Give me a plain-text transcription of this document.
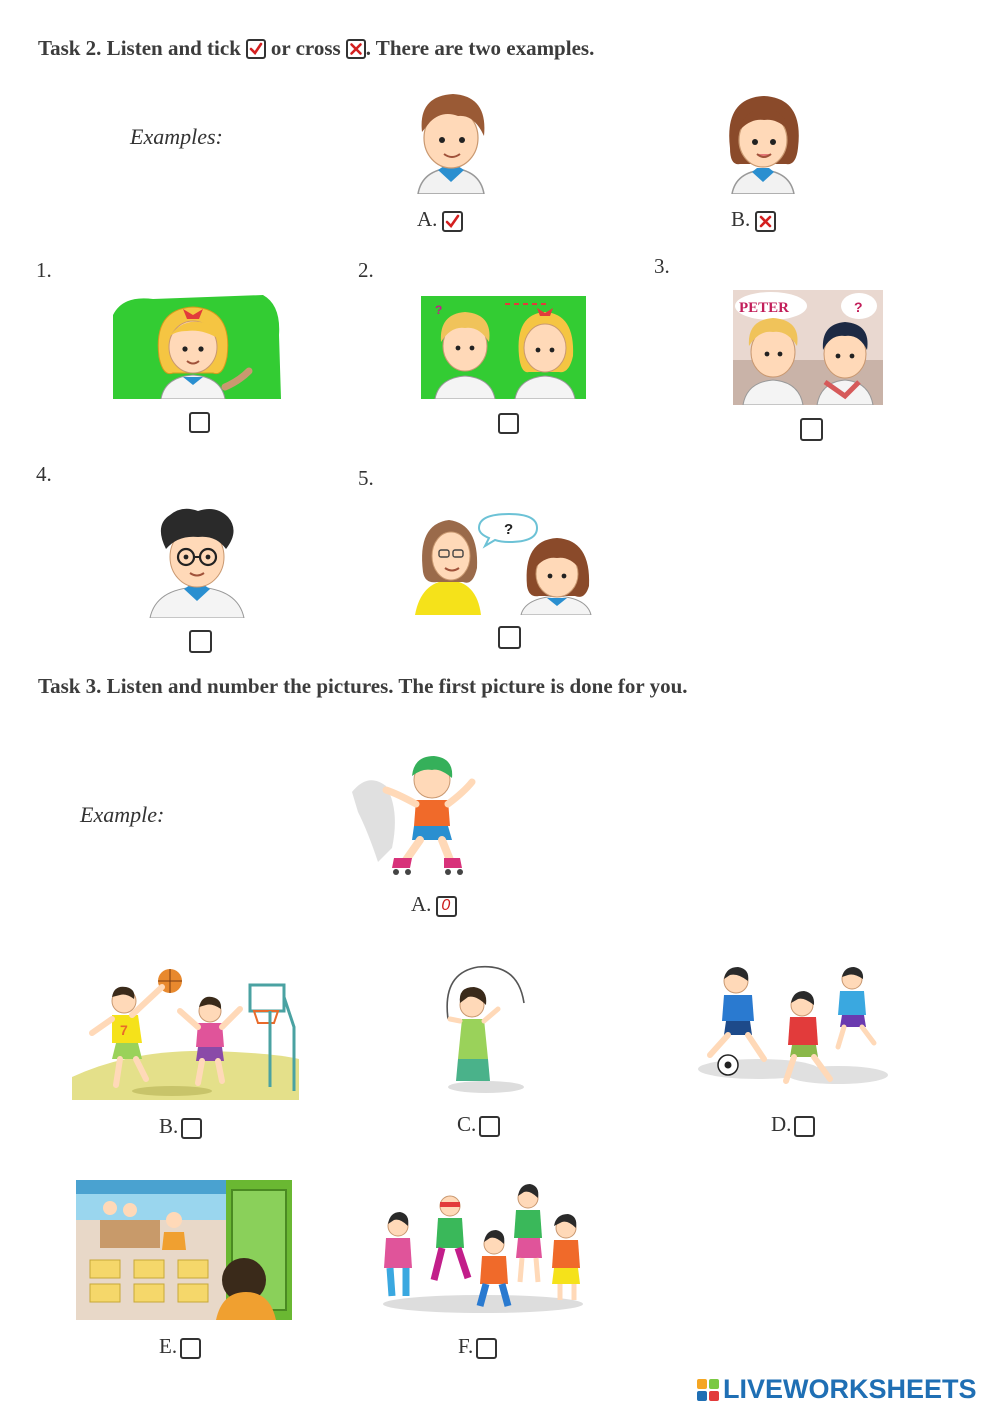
Task 2. Listen and tick or cross . There are two examples.
Examples:
A.	B.
1.	2.	3.
4.	5.
?	PETER	?
?
Task 3. Listen and number the pictures. The first picture is done for you.
Example:
A. 0
7
B.	C.	D.
E.	F.
LIVEWORKSHEETS
